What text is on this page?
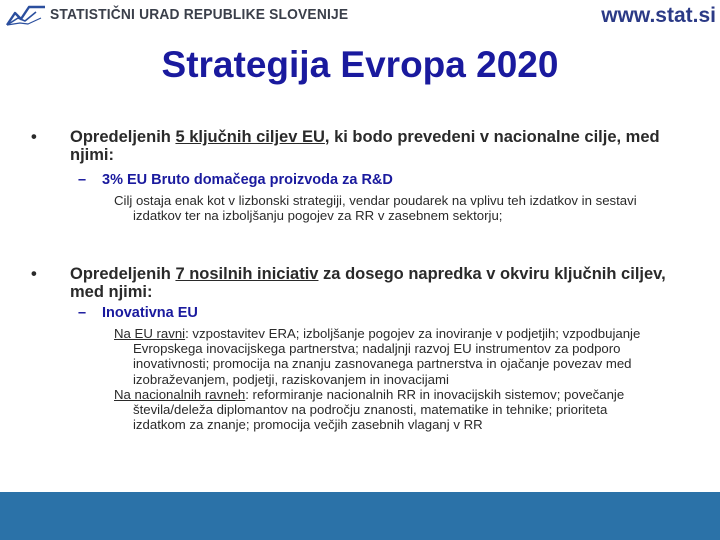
STATISTIČNI URAD REPUBLIKE SLOVENIJE	www.stat.si
Strategija Evropa 2020
• Opredeljenih 5 ključnih ciljev EU, ki bodo prevedeni v nacionalne cilje, med njimi:
– 3% EU Bruto domačega proizvoda za R&D
Cilj ostaja enak kot v lizbonski strategiji, vendar poudarek na vplivu teh izdatkov in sestavi izdatkov ter na izboljšanju pogojev za RR v zasebnem sektorju;
• Opredeljenih 7 nosilnih iniciativ za dosego napredka v okviru ključnih ciljev, med njimi:
– Inovativna EU
Na EU ravni: vzpostavitev ERA; izboljšanje pogojev za inoviranje v podjetjih; vzpodbujanje Evropskega inovacijskega partnerstva; nadaljnji razvoj EU instrumentov za podporo inovativnosti; promocija na znanju zasnovanega partnerstva in ojačanje povezav med izobraževanjem, podjetji, raziskovanjem in inovacijami
Na nacionalnih ravneh: reformiranje nacionalnih RR in inovacijskih sistemov; povečanje števila/deleža diplomantov na področju znanosti, matematike in tehnike; prioriteta izdatkom za znanje; promocija večjih zasebnih vlaganj v RR
